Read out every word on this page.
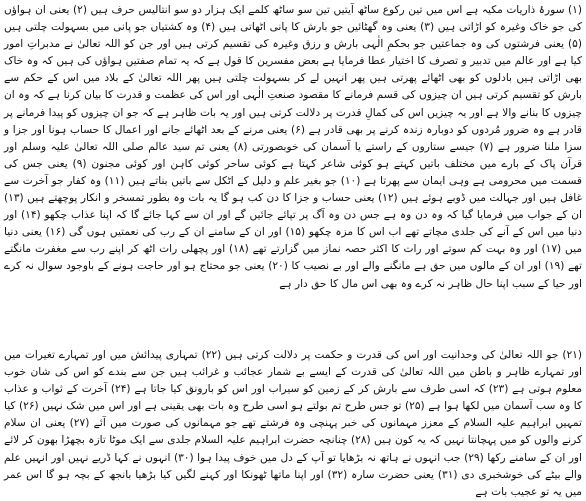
(۱) سورۂ ذاریات مکیہ ہے اس میں تین رکوع ساٹھ آیتیں تین سو ساٹھ کلمے ایک ہزار دو سو انتالیس حرف ہیں (۲) یعنی ان ہواؤں کی جو خاک وغیرہ کو اڑاتی ہیں (۳) یعنی وہ گھٹائیں جو بارش کا پانی اٹھاتی ہیں (۴) وہ کشتیاں جو پانی میں بسہولت چلتی ہیں (۵) یعنی فرشتوں کی وہ جماعتیں جو بحکمِ الٰہی بارش و رزق وغیرہ کی تقسیم کرتی ہیں اور جن کو اللہ تعالیٰ نے مدبراتِ امور کیا ہے اور عالم میں تدبیر و تصرف کا اختیار عطا فرمایا ہے بعض مفسرین کا قول ہے کہ یہ تمام صفتیں ہواؤں کی ہیں کہ وہ خاک بھی اڑاتی ہیں بادلوں کو بھی اٹھائے پھرتی ہیں پھر انہیں لے کر بسہولت چلتی ہیں پھر اللہ تعالیٰ کے بلاد میں اس کے حکم سے بارش کو تقسیم کرتی ہیں ان چیزوں کی قسم فرمانے کا مقصود صنعتِ الٰہی اور اس کی عظمت و قدرت کا بیان کرنا ہے کہ وہ ان چیزوں کا بنانے والا ہے اور یہ چیزیں اس کی کمالِ قدرت پر دلالت کرتی ہیں اور یہ بات ظاہر ہے کہ جو ان چیزوں کو پیدا فرمانے پر قادر ہے وہ ضرور مُردوں کو دوبارہ زندہ کرنے پر بھی قادر ہے (۶) یعنی مرنے کے بعد اٹھائے جانے اور اعمال کا حساب ہونا اور جزا و سزا ملنا ضرور ہے (۷) جیسے ستاروں کے راستے یا آسمان کی خوبصورتی (۸) یعنی تم سید عالم صلی اللہ تعالیٰ علیہ وسلم اور قرآن پاک کے بارے میں مختلف باتیں کہتے ہو کوئی شاعر کہتا ہے کوئی ساحر کوئی کاہن اور کوئی مجنون (۹) یعنی جس کی قسمت میں محرومی ہے وہی ایمان سے پھرتا ہے (۱۰) جو بغیر علم و دلیل کے اٹکل سے باتیں بناتے ہیں (۱۱) وہ کفار جو آخرت سے غافل ہیں اور جہالت میں ڈوبے ہوئے ہیں (۱۲) یعنی حساب و جزا کا دن کب ہو گا یہ بات وہ بطور تمسخر و انکار پوچھتے ہیں (۱۳) ان کے جواب میں فرمایا گیا کہ وہ دن وہ ہے جس دن وہ آگ پر تپائے جائیں گے اور ان سے کہا جائے گا کہ اپنا عذاب چکھو (۱۴) اور دنیا میں اس کے آنے کی جلدی مچاتے تھے اب اس کا مزہ چکھو (۱۵) اور ان کے سامنے ان کے رب کی نعمتیں ہوں گی (۱۶) یعنی دنیا میں (۱۷) اور وہ بہت کم سوتے اور رات کا اکثر حصہ نماز میں گزارتے تھے (۱۸) اور پچھلی رات اٹھ کر اپنے رب سے مغفرت مانگتے تھے (۱۹) اور ان کے مالوں میں حق ہے مانگنے والے اور بے نصیب کا (۲۰) یعنی جو محتاج ہو اور حاجت ہونے کے باوجود سوال نہ کرے اور حیا کے سبب اپنا حال ظاہر نہ کرے وہ بھی اس مال کا حق دار ہے

(۲۱) جو اللہ تعالیٰ کی وحدانیت اور اس کی قدرت و حکمت پر دلالت کرتی ہیں (۲۲) تمہاری پیدائش میں اور تمہارے تغیرات میں اور تمہارے ظاہر و باطن میں اللہ تعالیٰ کی قدرت کے ایسے بے شمار عجائب و غرائب ہیں جن سے بندے کو اس کی شان خوب معلوم ہوتی ہے (۲۳) کہ اسی طرف سے بارش کر کے زمین کو سیراب اور اس کو بارونق کیا جاتا ہے (۲۴) آخرت کے ثواب و عذاب کا وہ سب آسمان میں لکھا ہوا ہے (۲۵) تو جس طرح تم بولتے ہو اسی طرح وہ بات بھی یقینی ہے اور اس میں شک نہیں (۲۶) کیا تمہیں ابراہیم علیہ السلام کے معزز مہمانوں کی خبر پہنچی وہ فرشتے تھے جو مہمانوں کی صورت میں آئے (۲۷) یعنی ان سلام کرنے والوں کو میں پہچانتا نہیں کہ یہ کون ہیں (۲۸) چنانچہ حضرت ابراہیم علیہ السلام جلدی سے ایک موٹا تازہ بچھڑا بھون کر لائے اور ان کے سامنے رکھا (۲۹) جب انہوں نے ہاتھ نہ بڑھایا تو آپ کے دل میں خوف پیدا ہوا (۳۰) انہوں نے کہا ڈریے نہیں اور انہیں علم والے بیٹے کی خوشخبری دی (۳۱) یعنی حضرت سارہ (۳۲) اور اپنا ماتھا ٹھونکا اور کہنے لگیں کیا بڑھیا بانجھ کے بچہ ہو گا اس عمر میں یہ تو عجیب بات ہے
